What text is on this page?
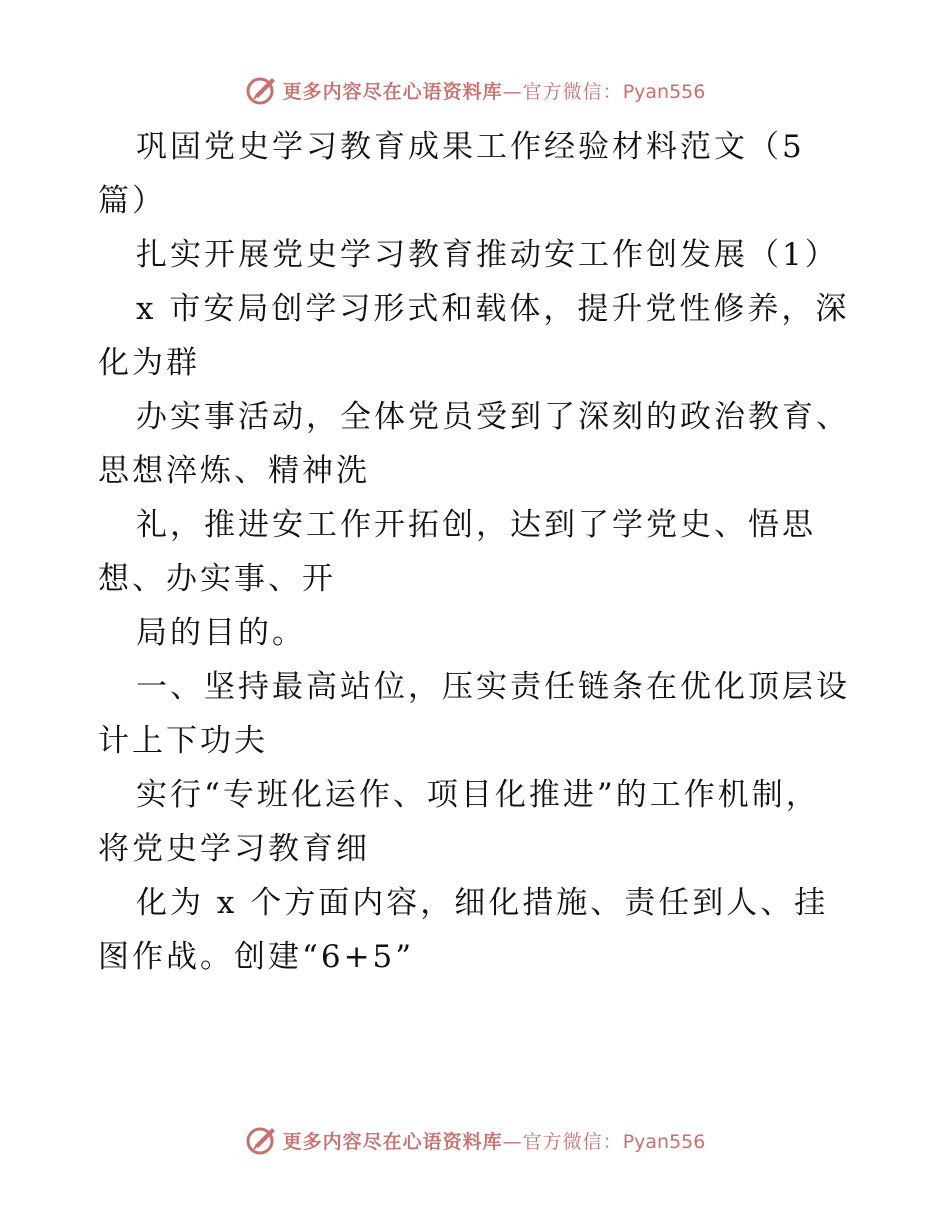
更多内容尽在心语资料库—官方微信：Pyan556
巩固党史学习教育成果工作经验材料范文（5
篇）
扎实开展党史学习教育推动安工作创发展（1）
x 市安局创学习形式和载体，提升党性修养，深
化为群
办实事活动，全体党员受到了深刻的政治教育、
思想淬炼、精神洗
礼，推进安工作开拓创，达到了学党史、悟思
想、办实事、开
局的目的。
一、坚持最高站位，压实责任链条在优化顶层设
计上下功夫
实行“专班化运作、项目化推进”的工作机制，
将党史学习教育细
化为 x 个方面内容，细化措施、责任到人、挂
图作战。创建“6+5”
更多内容尽在心语资料库—官方微信：Pyan556
